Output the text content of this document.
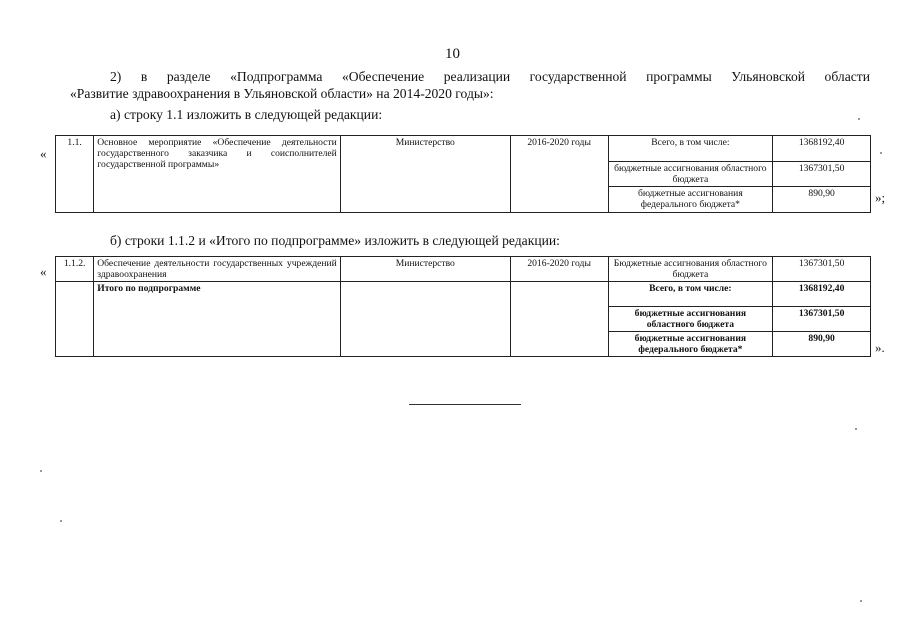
10
2) в разделе «Подпрограмма «Обеспечение реализации государственной программы Ульяновской области
«Развитие здравоохранения в Ульяновской области» на 2014-2020 годы»:
а) строку 1.1 изложить в следующей редакции:
«
1.1.	Основное мероприятие «Обеспечение деятельности государственного заказчика и соисполнителей государственной программы»	Министерство	2016-2020 годы	Всего, в том числе:	1368192,40
				бюджетные ассигнования областного бюджета	1367301,50
				бюджетные ассигнования федерального бюджета*	890,90	»;
б) строки 1.1.2 и «Итого по подпрограмме» изложить в следующей редакции:
«
1.1.2.	Обеспечение деятельности государственных учреждений здравоохранения	Министерство	2016-2020 годы	Бюджетные ассигнования областного бюджета	1367301,50
	Итого по подпрограмме			Всего, в том числе:	1368192,40
				бюджетные ассигнования областного бюджета	1367301,50
				бюджетные ассигнования федерального бюджета*	890,90
».
